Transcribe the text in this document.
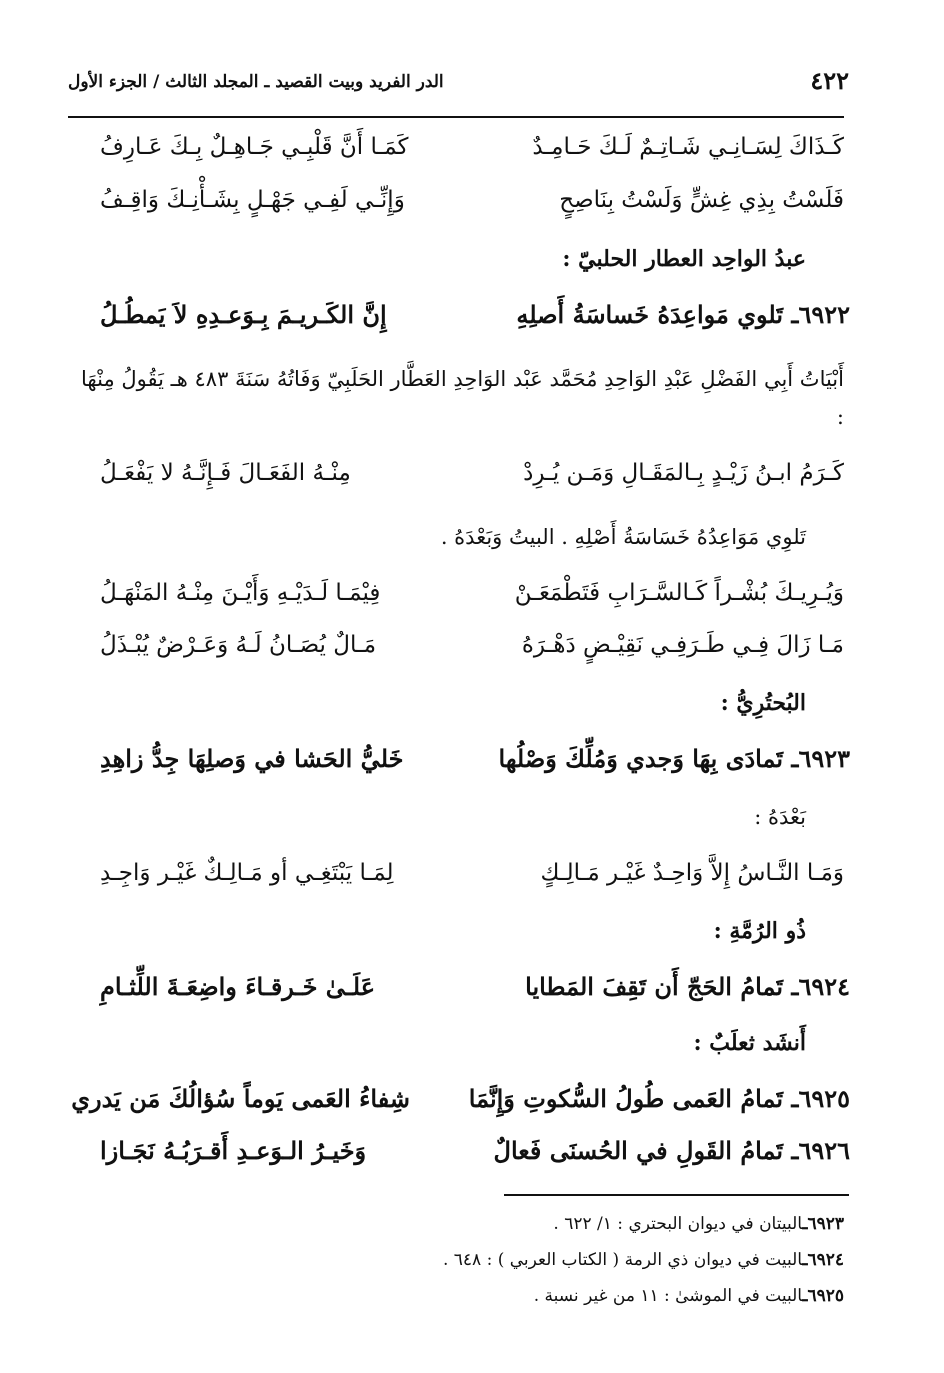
٤٢٢
الدر الفريد وبيت القصيد ـ المجلد الثالث / الجزء الأول
كَـذَاكَ لِسَـانِـي شَـاتِـمٌ لَـكَ حَـامِـدٌ
كَمَـا أَنَّ قَلْبِـي جَـاهِـلٌ بِـكَ عَـارِفُ
فَلَسْتُ بِذِي غِشٍّ وَلَسْتُ بِنَاصِحٍ
وَإِنِّـي لَفِـي جَهْـلٍ بِشَـأْنِـكَ وَاقِـفُ
عبدُ الواحِد العطار الحلبيّ :
٦٩٢٢ـ تَلوي مَواعِدَهُ خَساسَةُ أَصلِهِ
إِنَّ الكَـريـمَ بِـوَعـدِهِ لاَ يَمطُـلُ
أَبْيَاتُ أَبِي الفَضْلِ عَبْدِ الوَاحِدِ مُحَمَّد عَبْد الوَاحِدِ العَطَّار الحَلَبِيّ وَفَاتُهُ سَنَةَ ٤٨٣ هـ يَقُولُ مِنْهَا :
كَـرَمُ ابـنُ زَيْـدٍ بِـالمَقَـالِ وَمَـن يُـرِدْ
مِنْـهُ الفَعَـالَ فَـإِنَّـهُ لا يَفْعَـلُ
تَلوِي مَوَاعِدُهُ خَسَاسَةُ أَصْلِهِ . البيتُ وَبَعْدَهُ .
وَيُـرِيـكَ بُشْـراً كَـالسَّـرَابِ فَتَطْمَعَـنْ
فِيْمَـا لَـدَيْـهِ وَأَيْـنَ مِنْـهُ المَنْهَـلُ
مَـا زَالَ فِـي طَـرَفِـي نَقِيْـضٍ دَهْـرَهُ
مَـالٌ يُصَـانُ لَـهُ وَعَـرْضٌ يُبْـذَلُ
البُحتُرِيُّ :
٦٩٢٣ـ تَمادَى بِهَا وَجدي وَمُلِّكَ وَصْلُها
خَليُّ الحَشا في وَصلِهَا جِدُّ زاهِدِ
بَعْدَهُ :
وَمَـا النَّـاسُ إِلاَّ وَاحِـدٌ غَيْـر مَـالِـكٍ
لِمَـا يَبْتَغِـي أو مَـالِـكٌ غَيْـر وَاجِـدِ
ذُو الرُمَّةِ :
٦٩٢٤ـ تَمامُ الحَجّ أَن تَقِفَ المَطايا
عَلَـىٰ خَـرقـاءَ واضِعَـةَ اللِّثـامِ
أَنشَد ثعلَبٌ :
٦٩٢٥ـ تَمامُ العَمى طُولُ السُّكوتِ وَإِنَّمَا
شِفاءُ العَمى يَوماً سُؤالُكَ مَن يَدري
٦٩٢٦ـ تَمامُ القَولِ في الحُسنَى فَعالٌ
وَخَيـرُ الـوَعـدِ أَقـرَبُـهُ نَجَـازا
٦٩٢٣ـالبيتان في ديوان البحتري : ١/ ٦٢٢ .
٦٩٢٤ـالبيت في ديوان ذي الرمة ( الكتاب العربي ) : ٦٤٨ .
٦٩٢٥ـالبيت في الموشىٰ : ١١ من غير نسبة .
